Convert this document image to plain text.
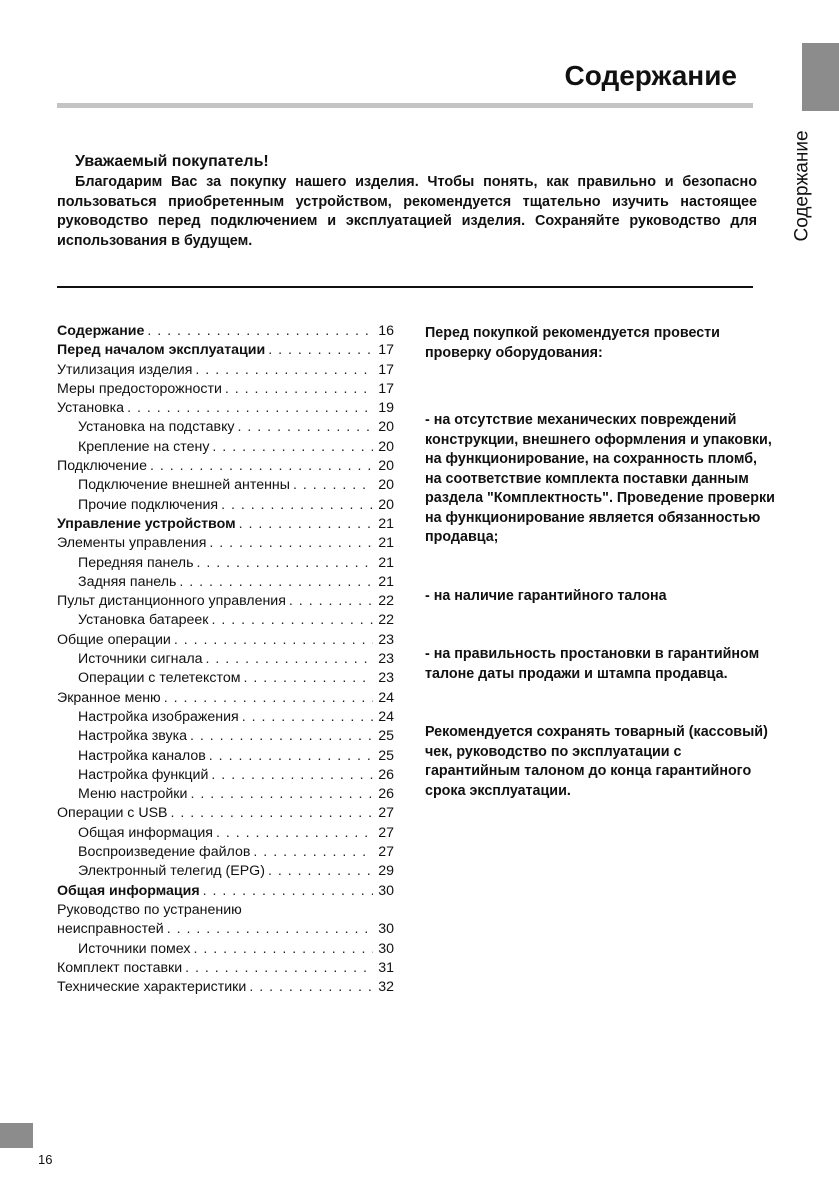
Содержание
Содержание
Уважаемый покупатель!

Благодарим Вас за покупку нашего изделия. Чтобы понять, как правильно и безопасно пользоваться приобретенным устройством, рекомендуется тщательно изучить настоящее руководство перед подключением и эксплуатацией изделия. Сохраняйте руководство для использования в будущем.

Содержание . . .	16
Перед началом эксплуатации . . .	17
Утилизация изделия . . .	17
Меры предосторожности . . .	17
Установка . . .	19
Установка на подставку . . .	20
Крепление на стену . . .	20
Подключение . . .	20
Подключение внешней антенны . . .	20
Прочие подключения . . .	20
Управление устройством . . .	21
Элементы управления . . .	21
Передняя панель . . .	21
Задняя панель . . .	21
Пульт дистанционного управления . . .	22
Установка батареек . . .	22
Общие операции . . .	23
Источники сигнала . . .	23
Операции с телетекстом . . .	23
Экранное меню . . .	24
Настройка изображения . . .	24
Настройка звука . . .	25
Настройка каналов . . .	25
Настройка функций . . .	26
Меню настройки . . .	26
Операции с USB . . .	27
Общая информация . . .	27
Воспроизведение файлов . . .	27
Электронный телегид (EPG) . . .	29
Общая информация . . .	30
Руководство по устранению
неисправностей . . .	30
Источники помех . . .	30
Комплект поставки . . .	31
Технические характеристики . . .	32

Перед покупкой рекомендуется провести проверку оборудования:

- на отсутствие механических повреждений конструкции, внешнего оформления и упаковки, на функционирование, на сохранность пломб, на соответствие комплекта поставки данным раздела "Комплектность". Проведение проверки на функционирование является обязанностью продавца;

- на наличие гарантийного талона

- на правильность простановки в гарантийном талоне даты продажи и штампа продавца.

Рекомендуется сохранять товарный (кассовый) чек, руководство по эксплуатации с гарантийным талоном до конца гарантийного срока эксплуатации.

16
